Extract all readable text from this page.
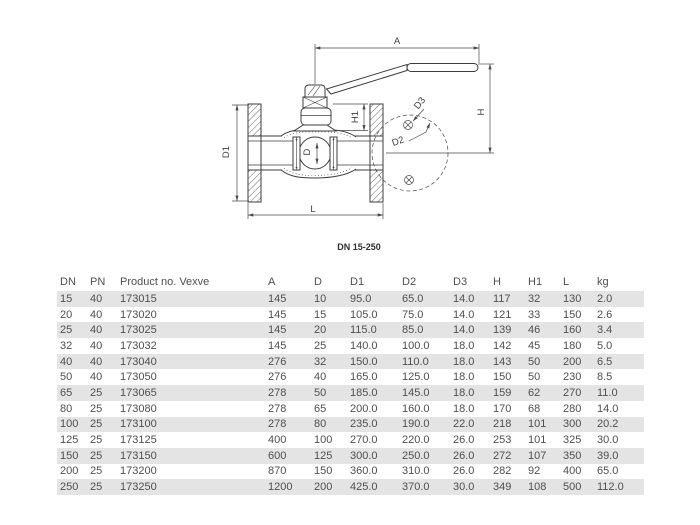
A
H
H1
D
D1
D2
D3
L
DN 15-250
DN	PN	Product no. Vexve	A	D	D1	D2	D3	H	H1	L	kg
15	40	173015	145	10	95.0	65.0	14.0	117	32	130	2.0
20	40	173020	145	15	105.0	75.0	14.0	121	33	150	2.6
25	40	173025	145	20	115.0	85.0	14.0	139	46	160	3.4
32	40	173032	145	25	140.0	100.0	18.0	142	45	180	5.0
40	40	173040	276	32	150.0	110.0	18.0	143	50	200	6.5
50	40	173050	276	40	165.0	125.0	18.0	150	50	230	8.5
65	25	173065	278	50	185.0	145.0	18.0	159	62	270	11.0
80	25	173080	278	65	200.0	160.0	18.0	170	68	280	14.0
100	25	173100	278	80	235.0	190.0	22.0	218	101	300	20.2
125	25	173125	400	100	270.0	220.0	26.0	253	101	325	30.0
150	25	173150	600	125	300.0	250.0	26.0	272	107	350	39.0
200	25	173200	870	150	360.0	310.0	26.0	282	92	400	65.0
250	25	173250	1200	200	425.0	370.0	30.0	349	108	500	112.0
